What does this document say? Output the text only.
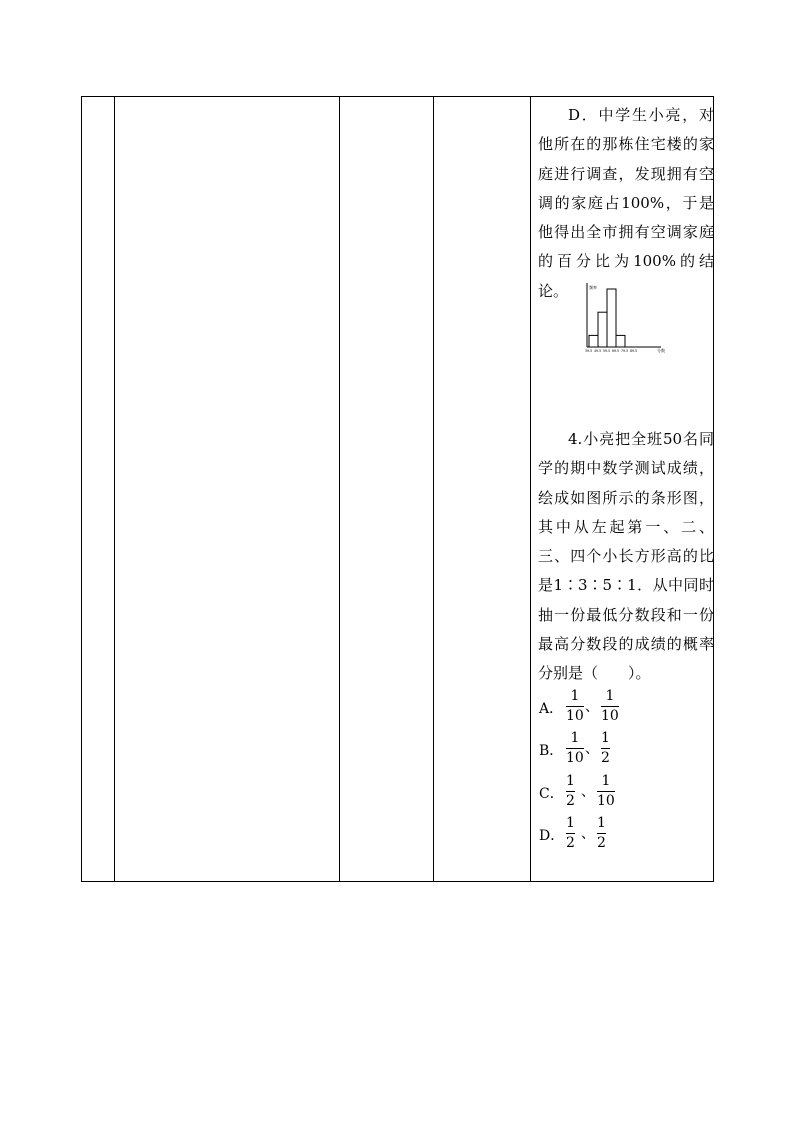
D．中学生小亮，对他所在的那栋住宅楼的家庭进行调查，发现拥有空调的家庭占100%，于是他得出全市拥有空调家庭的百分比为100%的结论。	频率
分数
39.5 49.5 59.5 69.5 79.5 89.5

4.小亮把全班50名同学的期中数学测试成绩，绘成如图所示的条形图，其中从左起第一、二、三、四个小长方形高的比是1∶3∶5∶1．从中同时抽一份最低分数段和一份最高分数段的成绩的概率分别是（　　）。

A．
1
10
、
1
10
B．
1
10
、
1
2
C．
1
2
、
1
10
D．
1
2
、
1
2
